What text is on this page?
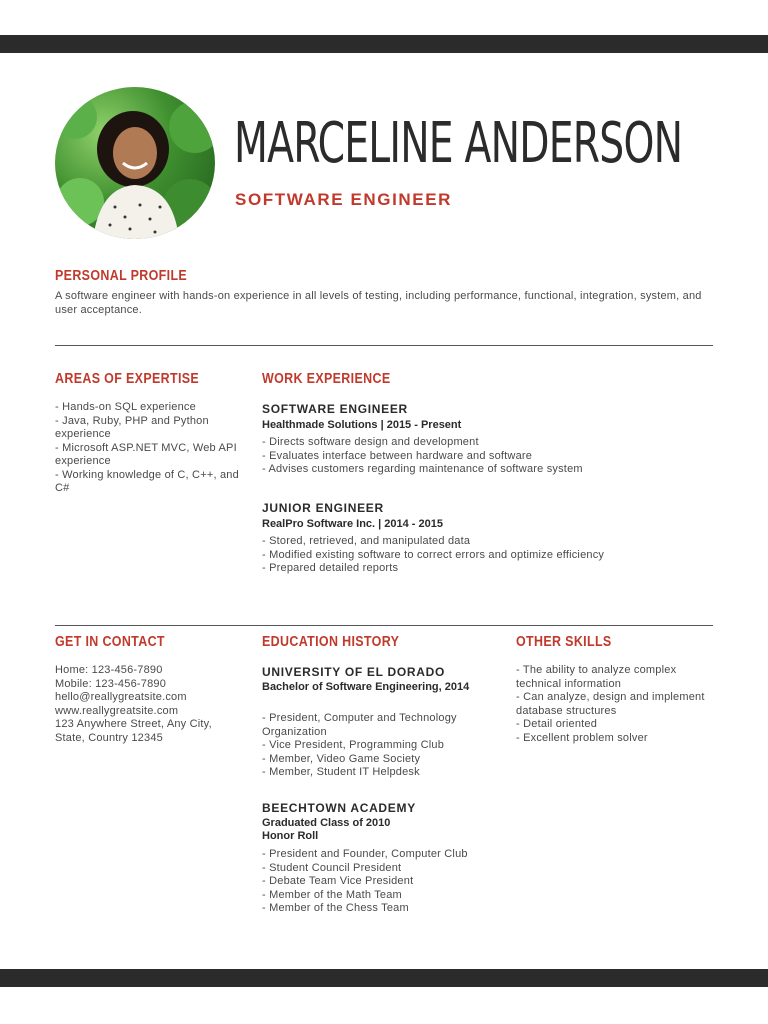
MARCELINE ANDERSON
SOFTWARE ENGINEER
PERSONAL PROFILE
A software engineer with hands-on experience in all levels of testing, including performance, functional, integration, system, and user acceptance.
AREAS OF EXPERTISE
- Hands-on SQL experience
- Java, Ruby, PHP and Python experience
- Microsoft ASP.NET MVC, Web API experience
- Working knowledge of C, C++, and C#
WORK EXPERIENCE
SOFTWARE ENGINEER
Healthmade Solutions | 2015 - Present
- Directs software design and development
- Evaluates interface between hardware and software
- Advises customers regarding maintenance of software system
JUNIOR ENGINEER
RealPro Software Inc. | 2014 - 2015
- Stored, retrieved, and manipulated data
- Modified existing software to correct errors and optimize efficiency
- Prepared detailed reports
GET IN CONTACT
Home: 123-456-7890
Mobile: 123-456-7890
hello@reallygreatsite.com
www.reallygreatsite.com
123 Anywhere Street, Any City,
State, Country 12345
EDUCATION HISTORY
UNIVERSITY OF EL DORADO
Bachelor of Software Engineering, 2014
- President, Computer and Technology Organization
- Vice President, Programming Club
- Member, Video Game Society
- Member, Student IT Helpdesk
BEECHTOWN ACADEMY
Graduated Class of 2010
Honor Roll
- President and Founder, Computer Club
- Student Council President
- Debate Team Vice President
- Member of the Math Team
- Member of the Chess Team
OTHER SKILLS
- The ability to analyze complex technical information
- Can analyze, design and implement database structures
- Detail oriented
- Excellent problem solver
